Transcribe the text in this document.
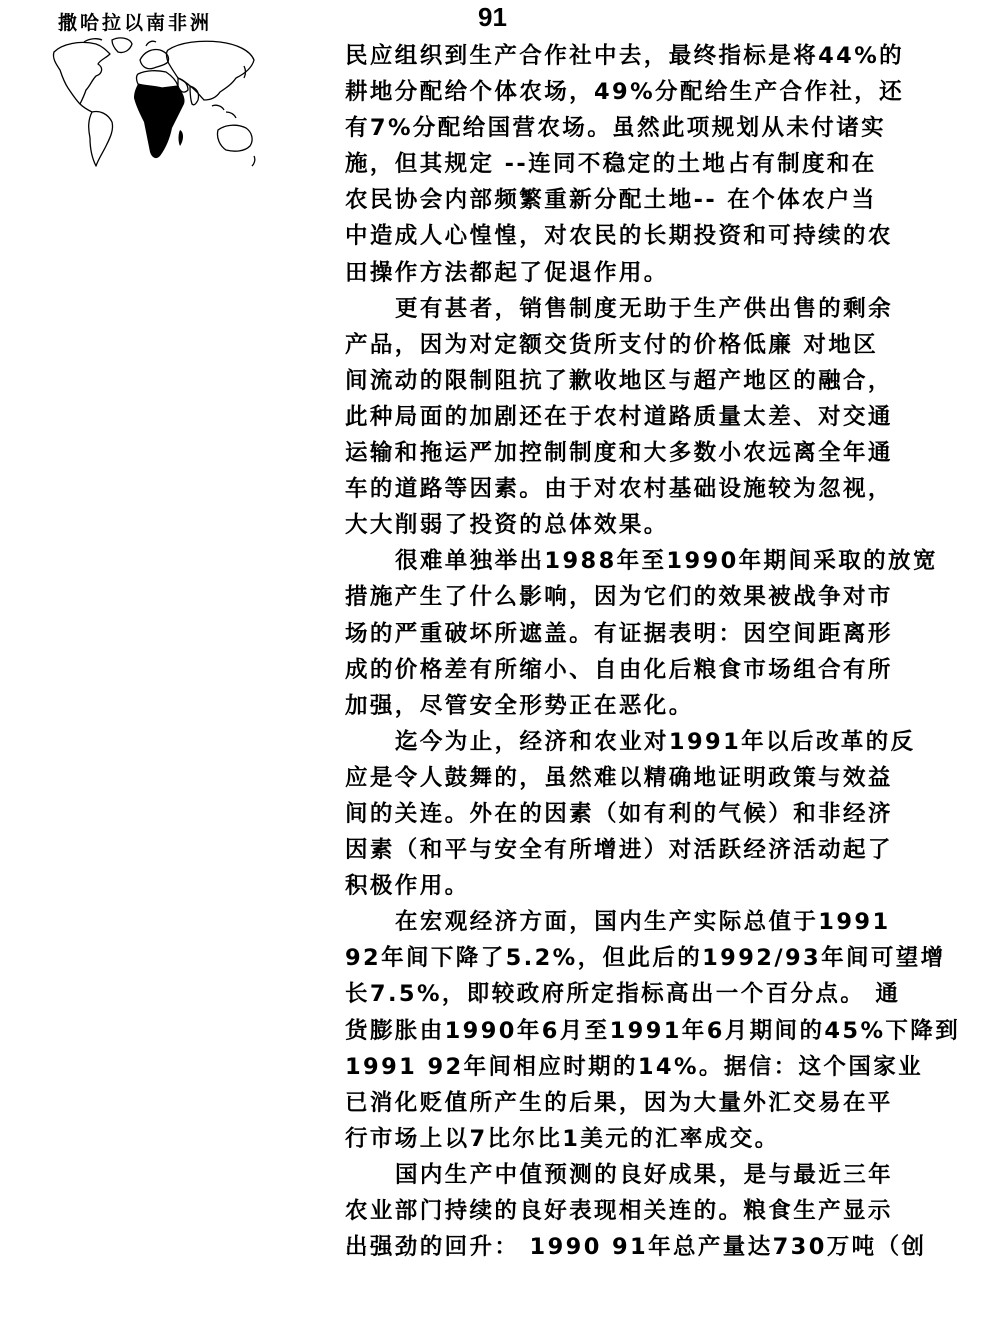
撒哈拉以南非洲	91
民应组织到生产合作社中去，最终指标是将44%的
耕地分配给个体农场，49%分配给生产合作社，还
有7%分配给国营农场。虽然此项规划从未付诸实
施，但其规定 --连同不稳定的土地占有制度和在
农民协会内部频繁重新分配土地-- 在个体农户当
中造成人心惶惶，对农民的长期投资和可持续的农
田操作方法都起了促退作用。
更有甚者，销售制度无助于生产供出售的剩余
产品，因为对定额交货所支付的价格低廉 对地区
间流动的限制阻抗了歉收地区与超产地区的融合，
此种局面的加剧还在于农村道路质量太差、对交通
运输和拖运严加控制制度和大多数小农远离全年通
车的道路等因素。由于对农村基础设施较为忽视，
大大削弱了投资的总体效果。
很难单独举出1988年至1990年期间采取的放宽
措施产生了什么影响，因为它们的效果被战争对市
场的严重破坏所遮盖。有证据表明：因空间距离形
成的价格差有所缩小、自由化后粮食市场组合有所
加强，尽管安全形势正在恶化。
迄今为止，经济和农业对1991年以后改革的反
应是令人鼓舞的，虽然难以精确地证明政策与效益
间的关连。外在的因素（如有利的气候）和非经济
因素（和平与安全有所增进）对活跃经济活动起了
积极作用。
在宏观经济方面，国内生产实际总值于1991
92年间下降了5.2%，但此后的1992/93年间可望增
长7.5%，即较政府所定指标高出一个百分点。 通
货膨胀由1990年6月至1991年6月期间的45%下降到
1991 92年间相应时期的14%。据信：这个国家业
已消化贬值所产生的后果，因为大量外汇交易在平
行市场上以7比尔比1美元的汇率成交。
国内生产中值预测的良好成果，是与最近三年
农业部门持续的良好表现相关连的。粮食生产显示
出强劲的回升： 1990 91年总产量达730万吨（创
